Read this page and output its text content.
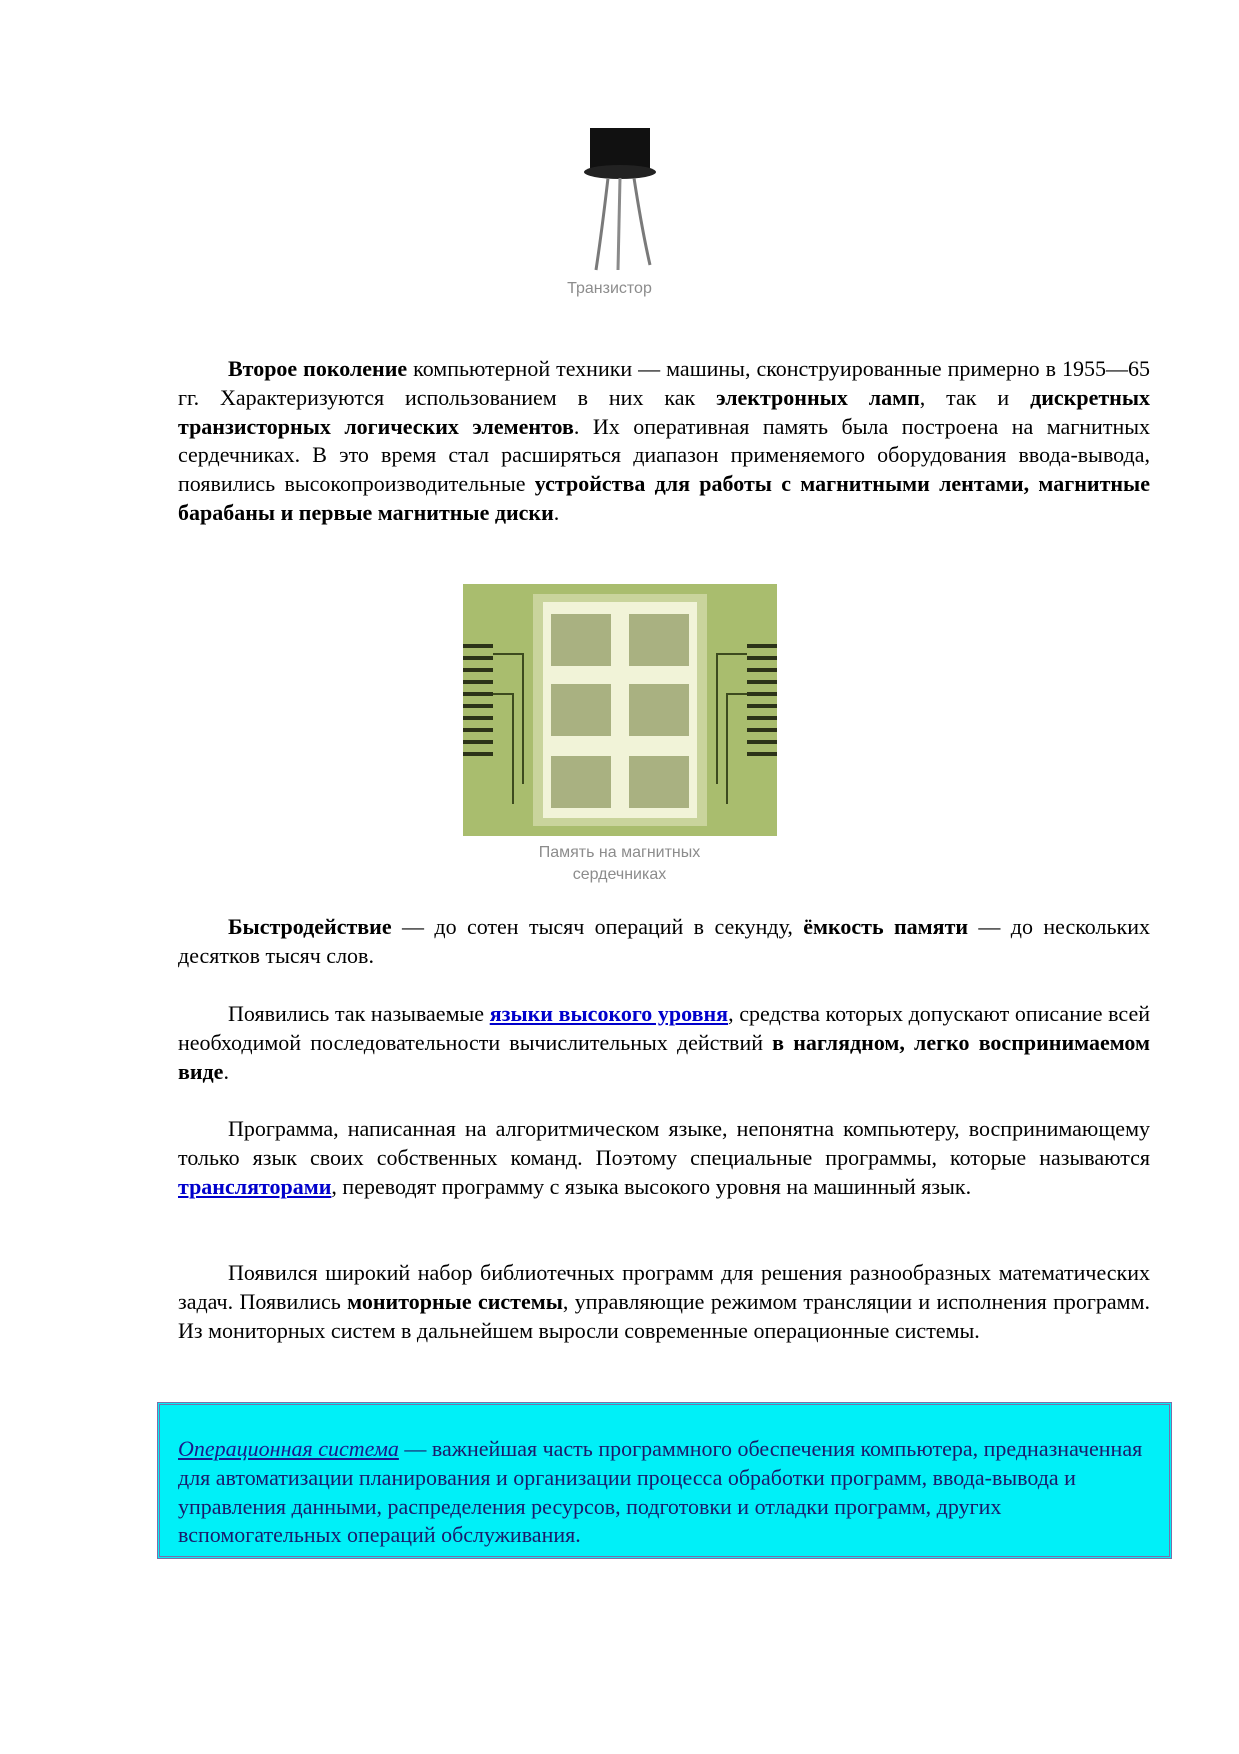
Транзистор

Второе поколение компьютерной техники — машины, сконструированные примерно в 1955—65 гг. Характеризуются использованием в них как электронных ламп, так и дискретных транзисторных логических элементов. Их оперативная память была построена на магнитных сердечниках. В это время стал расширяться диапазон применяемого оборудования ввода-вывода, появились высокопроизводительные устройства для работы с магнитными лентами, магнитные барабаны и первые магнитные диски.

Память на магнитных
сердечниках

Быстродействие — до сотен тысяч операций в секунду, ёмкость памяти — до нескольких десятков тысяч слов.

Появились так называемые языки высокого уровня, средства которых допускают описание всей необходимой последовательности вычислительных действий в наглядном, легко воспринимаемом виде.

Программа, написанная на алгоритмическом языке, непонятна компьютеру, воспринимающему только язык своих собственных команд. Поэтому специальные программы, которые называются трансляторами, переводят программу с языка высокого уровня на машинный язык.

Появился широкий набор библиотечных программ для решения разнообразных математических задач. Появились мониторные системы, управляющие режимом трансляции и исполнения программ. Из мониторных систем в дальнейшем выросли современные операционные системы.

Операционная система — важнейшая часть программного обеспечения компьютера, предназначенная для автоматизации планирования и организации процесса обработки программ, ввода-вывода и управления данными, распределения ресурсов, подготовки и отладки программ, других вспомогательных операций обслуживания.
